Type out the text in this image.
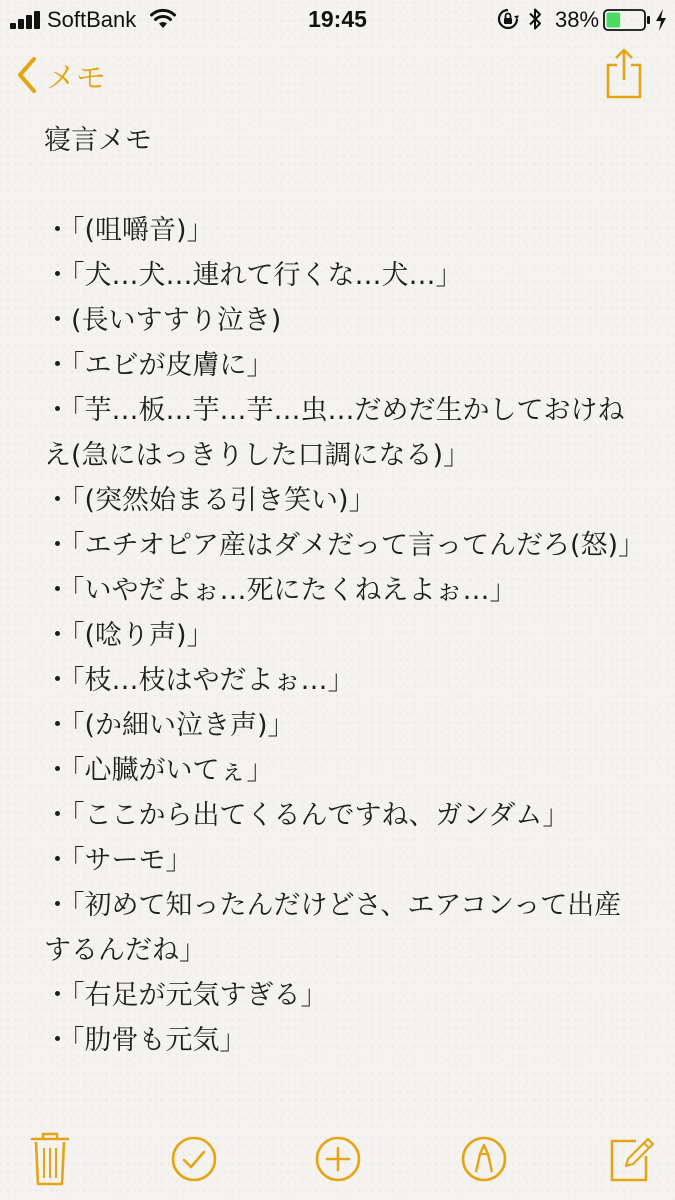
SoftBank	19:45	38%
メモ
寝言メモ
・「(咀嚼音)」
・「犬…犬…連れて行くな…犬…」
・(長いすすり泣き)
・「エビが皮膚に」
・「芋…板…芋…芋…虫…だめだ生かしておけねえ(急にはっきりした口調になる)」
・「(突然始まる引き笑い)」
・「エチオピア産はダメだって言ってんだろ(怒)」
・「いやだよぉ…死にたくねえよぉ…」
・「(唸り声)」
・「枝…枝はやだよぉ…」
・「(か細い泣き声)」
・「心臓がいてぇ」
・「ここから出てくるんですね、ガンダム」
・「サーモ」
・「初めて知ったんだけどさ、エアコンって出産するんだね」
・「右足が元気すぎる」
・「肋骨も元気」
